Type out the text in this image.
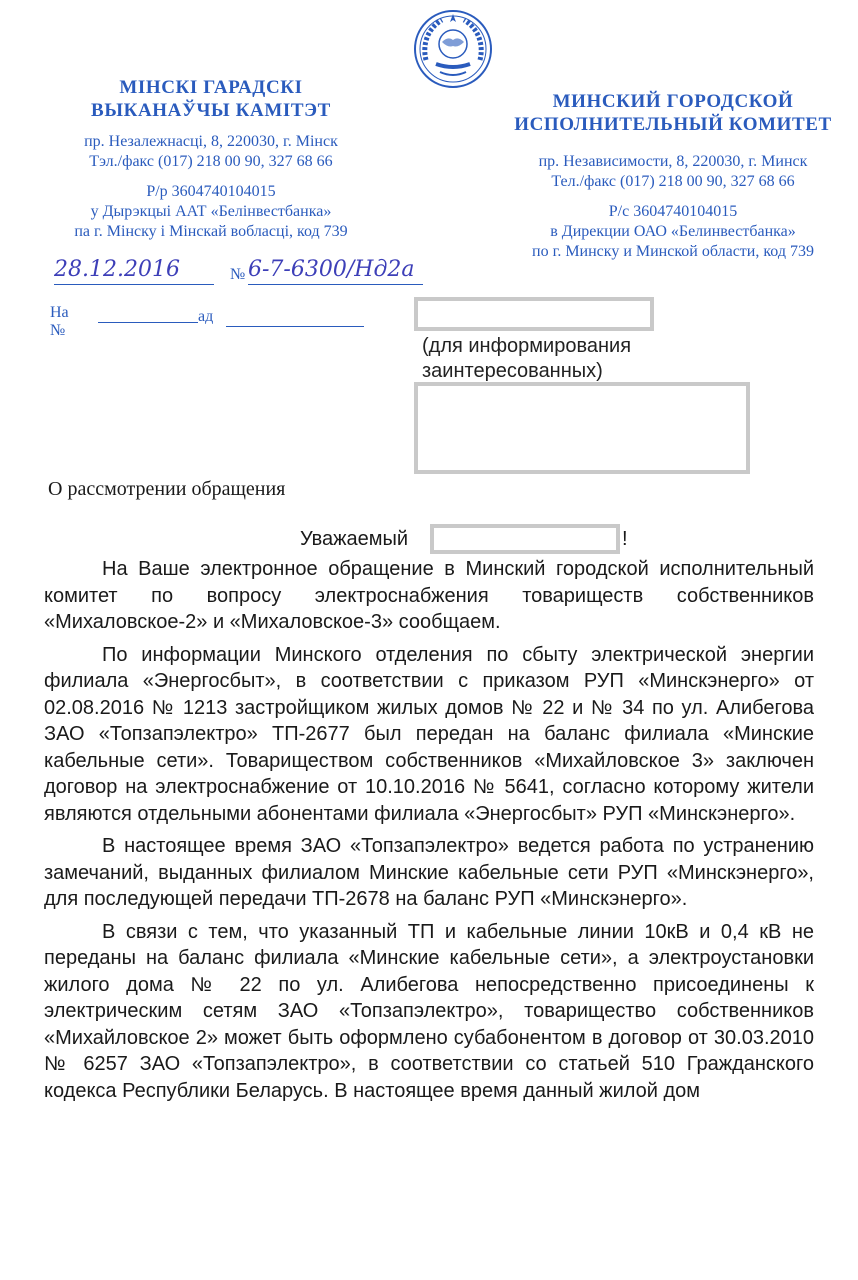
МІНСКІ ГАРАДСКІ
ВЫКАНАЎЧЫ КАМІТЭТ
пр. Незалежнасці, 8, 220030, г. Мінск
Тэл./факс (017) 218 00 90, 327 68 66
Р/р 3604740104015
у Дырэкцыі ААТ «Белінвестбанка»
па г. Мінску і Мінскай вобласці, код 739
МИНСКИЙ ГОРОДСКОЙ
ИСПОЛНИТЕЛЬНЫЙ КОМИТЕТ
пр. Независимости, 8, 220030, г. Минск
Тел./факс (017) 218 00 90, 327 68 66
Р/с 3604740104015
в Дирекции ОАО «Белинвестбанка»
по г. Минску и Минской области, код 739
28.12.2016	№ 6-7-6300/Нд2а
На №
ад
(для информирования
заинтересованных)
О рассмотрении обращения
Уважаемый	!

На Ваше электронное обращение в Минский городской исполнительный комитет по вопросу электроснабжения товариществ собственников «Михаловское-2» и «Михаловское-3» сообщаем.

По информации Минского отделения по сбыту электрической энергии филиала «Энергосбыт», в соответствии с приказом РУП «Минскэнерго» от 02.08.2016 № 1213 застройщиком жилых домов № 22 и № 34 по ул. Алибегова ЗАО «Топзапэлектро» ТП-2677 был передан на баланс филиала «Минские кабельные сети». Товариществом собственников «Михайловское 3» заключен договор на электроснабжение от 10.10.2016 № 5641, согласно которому жители являются отдельными абонентами филиала «Энергосбыт» РУП «Минскэнерго».

В настоящее время ЗАО «Топзапэлектро» ведется работа по устранению замечаний, выданных филиалом Минские кабельные сети РУП «Минскэнерго», для последующей передачи ТП-2678 на баланс РУП «Минскэнерго».

В связи с тем, что указанный ТП и кабельные линии 10кВ и 0,4 кВ не переданы на баланс филиала «Минские кабельные сети», а электроустановки жилого дома № 22 по ул. Алибегова непосредственно присоединены к электрическим сетям ЗАО «Топзапэлектро», товарищество собственников «Михайловское 2» может быть оформлено субабонентом в договор от 30.03.2010 № 6257 ЗАО «Топзапэлектро», в соответствии со статьей 510 Гражданского кодекса Республики Беларусь. В настоящее время данный жилой дом
